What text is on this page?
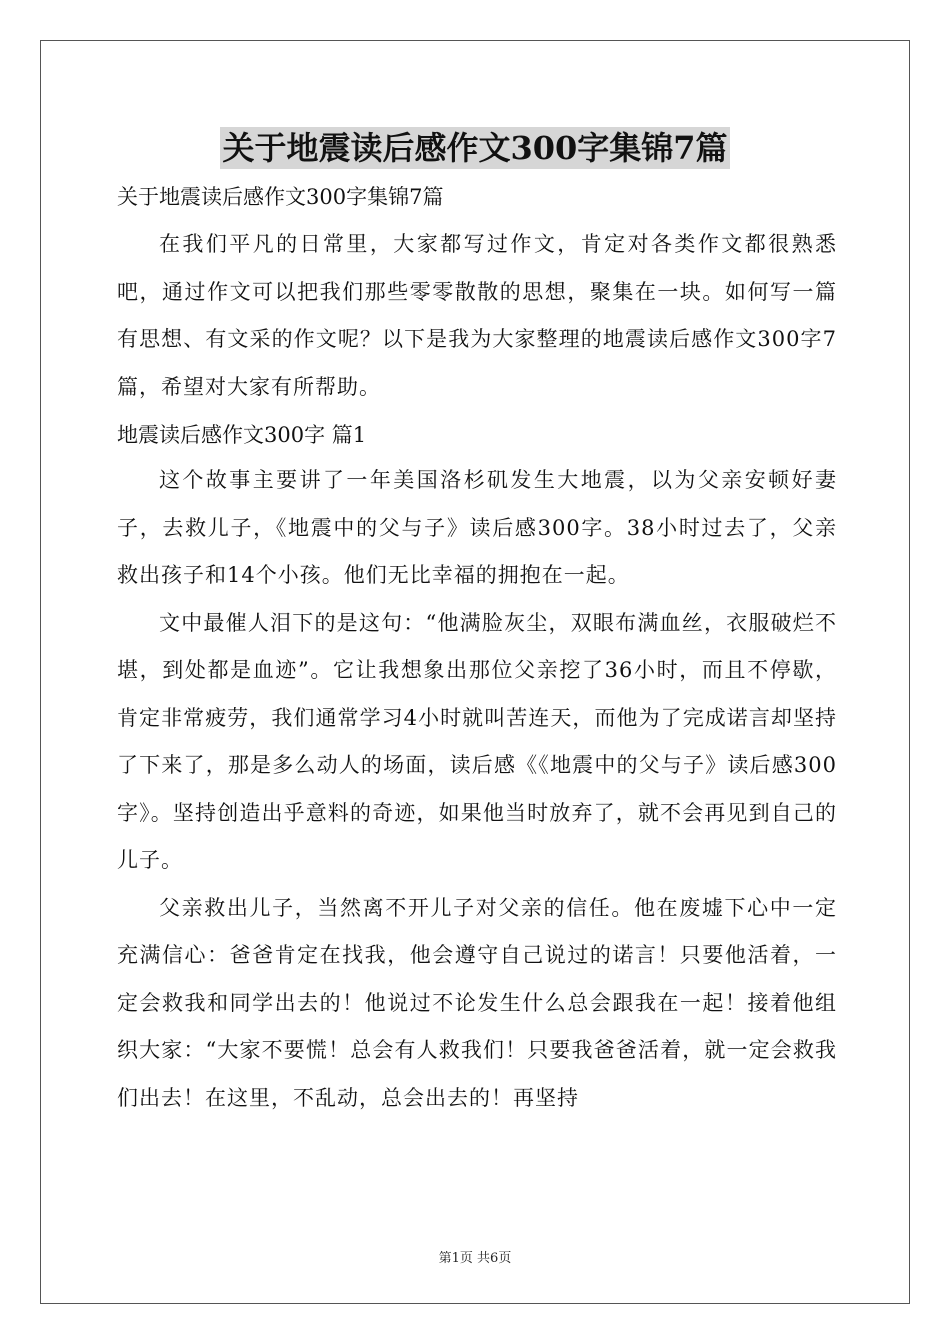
关于地震读后感作文300字集锦7篇

关于地震读后感作文300字集锦7篇

在我们平凡的日常里，大家都写过作文，肯定对各类作文都很熟悉吧，通过作文可以把我们那些零零散散的思想，聚集在一块。如何写一篇有思想、有文采的作文呢？以下是我为大家整理的地震读后感作文300字7篇，希望对大家有所帮助。

地震读后感作文300字 篇1

这个故事主要讲了一年美国洛杉矶发生大地震，以为父亲安顿好妻子，去救儿子，《地震中的父与子》读后感300字。38小时过去了，父亲救出孩子和14个小孩。他们无比幸福的拥抱在一起。

文中最催人泪下的是这句：“他满脸灰尘，双眼布满血丝，衣服破烂不堪，到处都是血迹”。它让我想象出那位父亲挖了36小时，而且不停歇，肯定非常疲劳，我们通常学习4小时就叫苦连天，而他为了完成诺言却坚持了下来了，那是多么动人的场面，读后感《《地震中的父与子》读后感300字》。坚持创造出乎意料的奇迹，如果他当时放弃了，就不会再见到自己的儿子。

父亲救出儿子，当然离不开儿子对父亲的信任。他在废墟下心中一定充满信心：爸爸肯定在找我，他会遵守自己说过的诺言！只要他活着，一定会救我和同学出去的！他说过不论发生什么总会跟我在一起！接着他组织大家：“大家不要慌！总会有人救我们！只要我爸爸活着，就一定会救我们出去！在这里，不乱动，总会出去的！再坚持

第1页 共6页
